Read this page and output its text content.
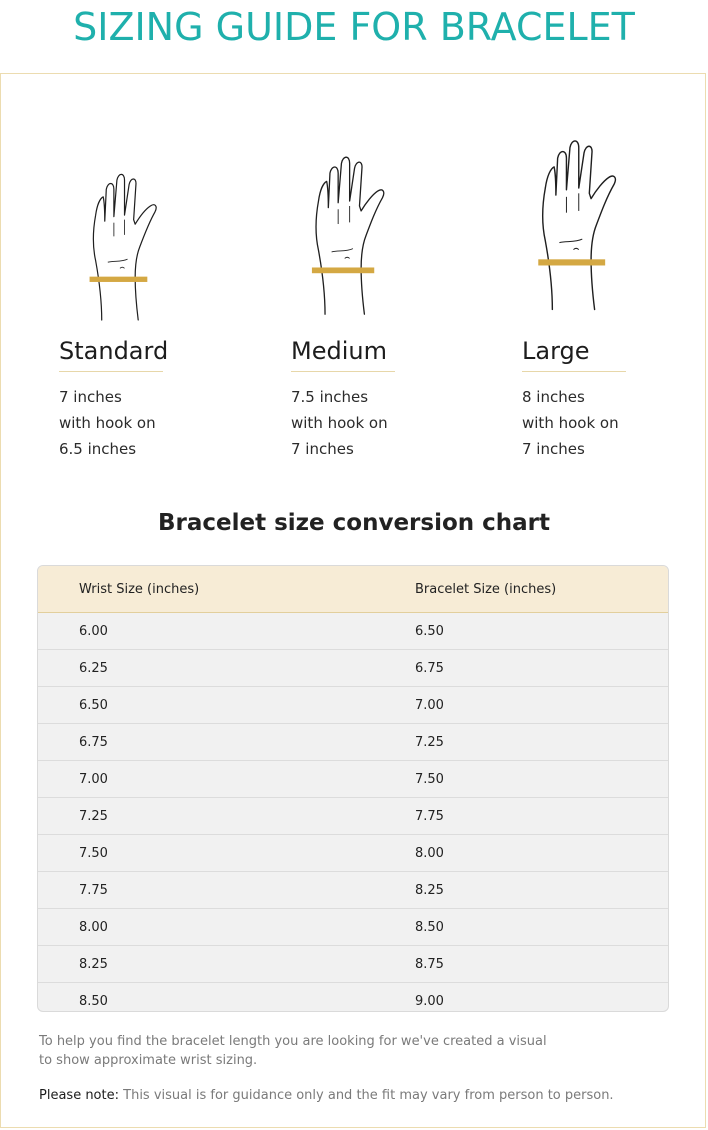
SIZING GUIDE FOR BRACELET

Standard

7 inches

with hook on

6.5 inches

Medium

7.5 inches

with hook on

7 inches

Large

8 inches

with hook on

7 inches

Bracelet size conversion chart
Wrist Size (inches)	Bracelet Size (inches)
6.00	6.50
6.25	6.75
6.50	7.00
6.75	7.25
7.00	7.50
7.25	7.75
7.50	8.00
7.75	8.25
8.00	8.50
8.25	8.75
8.50	9.00

To help you find the bracelet length you are looking for we've created a visual to show approximate wrist sizing.

Please note: This visual is for guidance only and the fit may vary from person to person.
